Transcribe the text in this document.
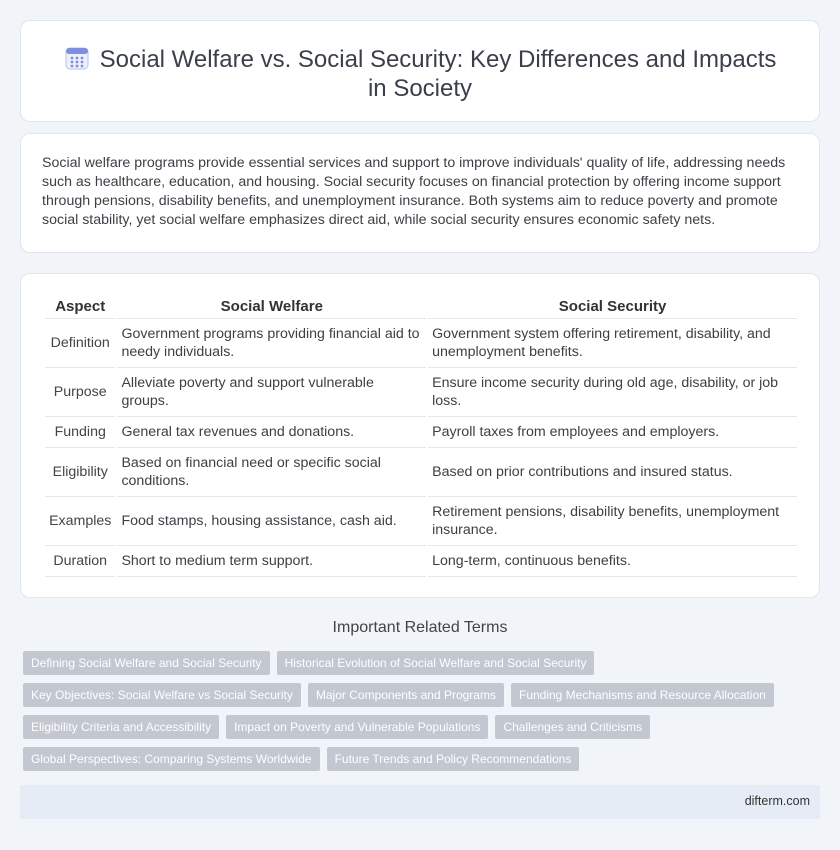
Social Welfare vs. Social Security: Key Differences and Impacts in Society

Social welfare programs provide essential services and support to improve individuals' quality of life, addressing needs such as healthcare, education, and housing. Social security focuses on financial protection by offering income support through pensions, disability benefits, and unemployment insurance. Both systems aim to reduce poverty and promote social stability, yet social welfare emphasizes direct aid, while social security ensures economic safety nets.

Aspect	Social Welfare	Social Security
Definition	Government programs providing financial aid to needy individuals.	Government system offering retirement, disability, and unemployment benefits.
Purpose	Alleviate poverty and support vulnerable groups.	Ensure income security during old age, disability, or job loss.
Funding	General tax revenues and donations.	Payroll taxes from employees and employers.
Eligibility	Based on financial need or specific social conditions.	Based on prior contributions and insured status.
Examples	Food stamps, housing assistance, cash aid.	Retirement pensions, disability benefits, unemployment insurance.
Duration	Short to medium term support.	Long-term, continuous benefits.
Important Related Terms
Defining Social Welfare and Social Security	Historical Evolution of Social Welfare and Social Security
Key Objectives: Social Welfare vs Social Security	Major Components and Programs	Funding Mechanisms and Resource Allocation
Eligibility Criteria and Accessibility	Impact on Poverty and Vulnerable Populations	Challenges and Criticisms
Global Perspectives: Comparing Systems Worldwide	Future Trends and Policy Recommendations
difterm.com
